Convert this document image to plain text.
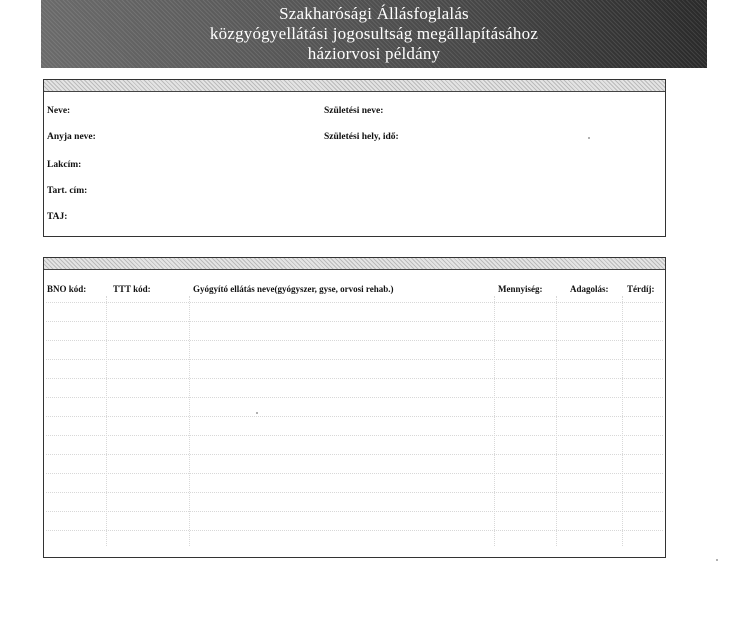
Szakharósági Állásfoglalás
közgyógyellátási jogosultság megállapításához
háziorvosi példány
Neve:	Születési neve:
Anyja neve:	Születési hely, idő:
Lakcím:
Tart. cím:
TAJ:
BNO kód:	TTT kód:	Gyógyító ellátás neve(gyógyszer, gyse, orvosi rehab.)	Mennyiség:	Adagolás: Térdíj:
